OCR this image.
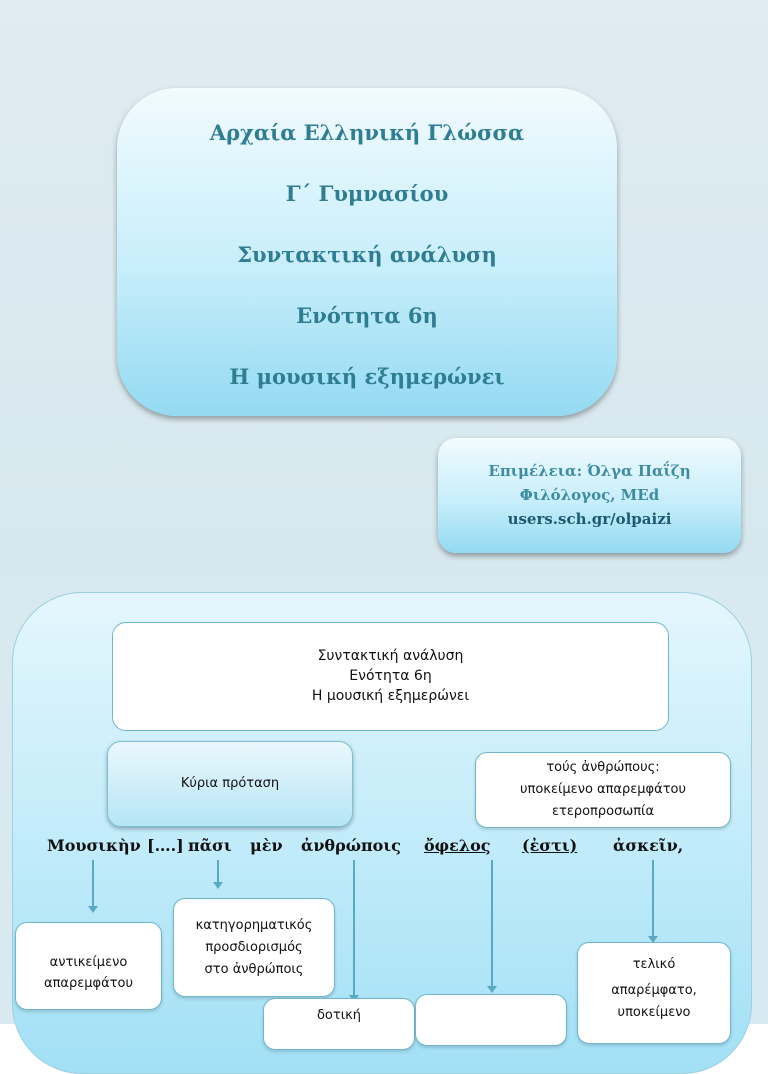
Αρχαία Ελληνική Γλώσσα
Γ΄ Γυμνασίου
Συντακτική ανάλυση
Ενότητα 6η
Η μουσική εξημερώνει
Επιμέλεια: Όλγα Παΐζη
Φιλόλογος, MEd
users.sch.gr/olpaizi
Συντακτική ανάλυση
Ενότητα 6η
Η μουσική εξημερώνει
Κύρια πρόταση
τούς ἀνθρώπους:
υποκείμενο απαρεμφάτου
ετεροπροσωπία
Μουσικὴν [….] πᾶσι μὲν ἀνθρώποις ὄφελος (ἐστι) ἀσκεῖν,
αντικείμενο
απαρεμφάτου
κατηγορηματικός
προσδιορισμός
στο ἀνθρώποις
δοτική
τελικό
απαρέμφατο,
υποκείμενο
